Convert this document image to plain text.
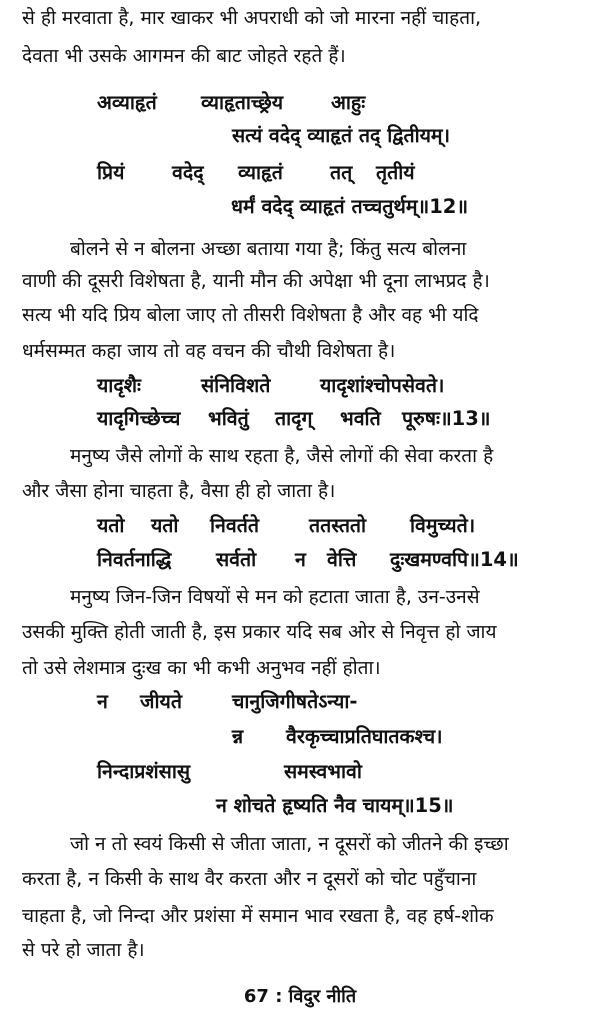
से ही मरवाता है, मार खाकर भी अपराधी को जो मारना नहीं चाहता,
देवता भी उसके आगमन की बाट जोहते रहते हैं।
अव्याहृतं व्याहृताच्छ्रेय आहुः
सत्यं वदेद् व्याहृतं तद् द्वितीयम्।
प्रियं वदेद् व्याहृतं तत् तृतीयं
धर्मं वदेद् व्याहृतं तच्चतुर्थम्॥12॥
बोलने से न बोलना अच्छा बताया गया है; किंतु सत्य बोलना
वाणी की दूसरी विशेषता है, यानी मौन की अपेक्षा भी दूना लाभप्रद है।
सत्य भी यदि प्रिय बोला जाए तो तीसरी विशेषता है और वह भी यदि
धर्मसम्मत कहा जाय तो वह वचन की चौथी विशेषता है।
यादृशैः	संनिविशते	यादृशांश्चोपसेवते।
यादृगिच्छेच्च भवितुं तादृग् भवति पूरुषः॥13॥
मनुष्य जैसे लोगों के साथ रहता है, जैसे लोगों की सेवा करता है
और जैसा होना चाहता है, वैसा ही हो जाता है।
यतो यतो निवर्तते	ततस्ततो विमुच्यते।
निवर्तनाद्धि सर्वतो न वेत्ति दुःखमण्वपि॥14॥
मनुष्य जिन-जिन विषयों से मन को हटाता जाता है, उन-उनसे
उसकी मुक्ति होती जाती है, इस प्रकार यदि सब ओर से निवृत्त हो जाय
तो उसे लेशमात्र दुःख का भी कभी अनुभव नहीं होता।
न जीयते	चानुजिगीषतेऽन्या-
न्न वैरकृच्चाप्रतिघातकश्च।
निन्दाप्रशंसासु	समस्वभावो
न शोचते हृष्यति नैव चायम्॥15॥
जो न तो स्वयं किसी से जीता जाता, न दूसरों को जीतने की इच्छा
करता है, न किसी के साथ वैर करता और न दूसरों को चोट पहुँचाना
चाहता है, जो निन्दा और प्रशंसा में समान भाव रखता है, वह हर्ष-शोक
से परे हो जाता है।
67 : विदुर नीति
